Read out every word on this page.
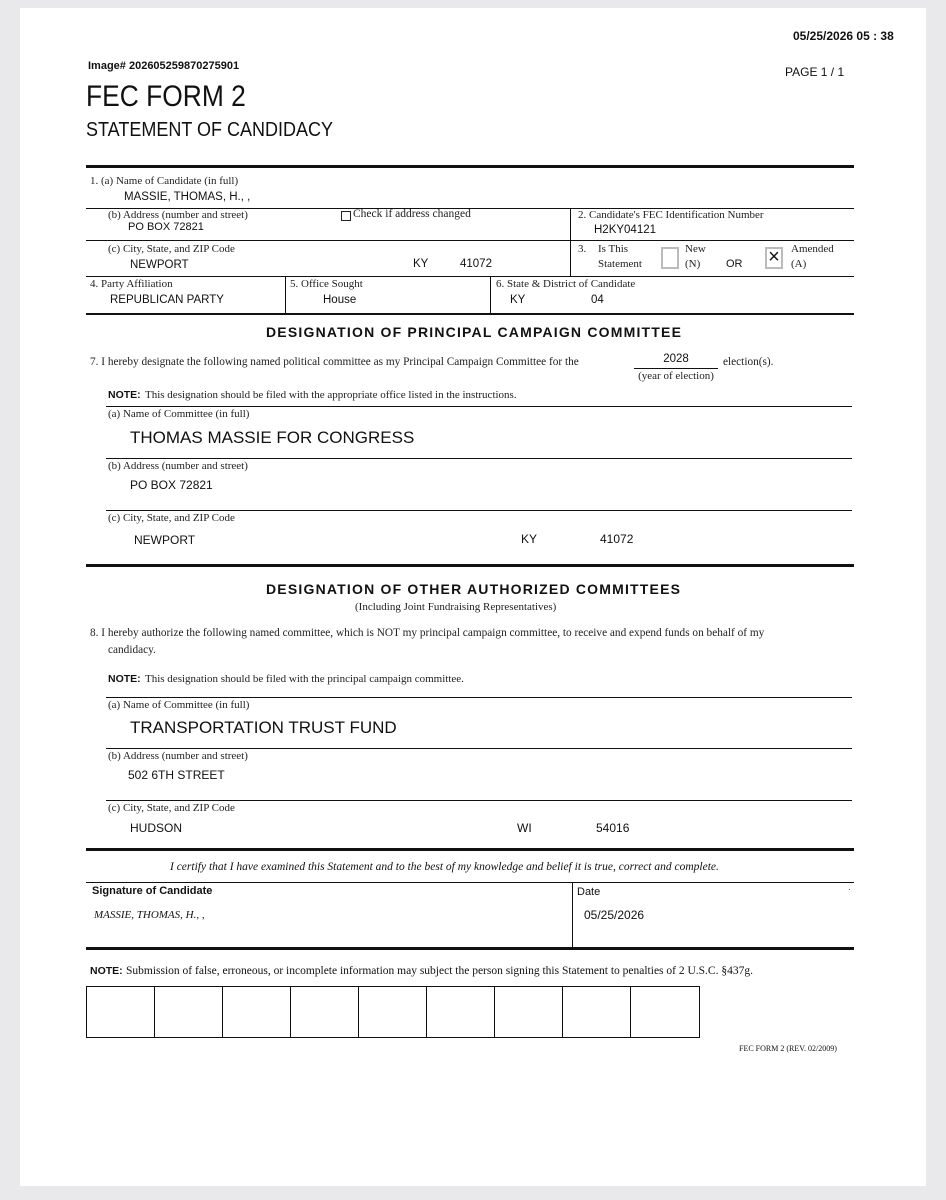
05/25/2026 05 : 38
Image# 202605259870275901	PAGE 1 / 1
FEC FORM 2
STATEMENT OF CANDIDACY
1. (a) Name of Candidate (in full)
MASSIE, THOMAS, H., ,
(b) Address (number and street)
PO BOX 72821
Check if address changed	2. Candidate's FEC Identification Number
H2KY04121
(c) City, State, and ZIP Code
NEWPORT	KY	41072
3. Is This
Statement
New
(N) OR × Amended
(A)
4. Party Affiliation
REPUBLICAN PARTY
5. Office Sought
House
6. State & District of Candidate
KY	04
DESIGNATION OF PRINCIPAL CAMPAIGN COMMITTEE
7. I hereby designate the following named political committee as my Principal Campaign Committee for the	2028	election(s).
(year of election)
NOTE: This designation should be filed with the appropriate office listed in the instructions.
(a) Name of Committee (in full)
THOMAS MASSIE FOR CONGRESS
(b) Address (number and street)
PO BOX 72821
(c) City, State, and ZIP Code
NEWPORT	KY	41072
DESIGNATION OF OTHER AUTHORIZED COMMITTEES
(Including Joint Fundraising Representatives)
8. I hereby authorize the following named committee, which is NOT my principal campaign committee, to receive and expend funds on behalf of my
candidacy.
NOTE: This designation should be filed with the principal campaign committee.
(a) Name of Committee (in full)
TRANSPORTATION TRUST FUND
(b) Address (number and street)
502 6TH STREET
(c) City, State, and ZIP Code
HUDSON	WI	54016
I certify that I have examined this Statement and to the best of my knowledge and belief it is true, correct and complete.
Signature of Candidate
MASSIE, THOMAS, H., ,
Date
05/25/2026
.
NOTE: Submission of false, erroneous, or incomplete information may subject the person signing this Statement to penalties of 2 U.S.C. §437g.
FEC FORM 2 (REV. 02/2009)
